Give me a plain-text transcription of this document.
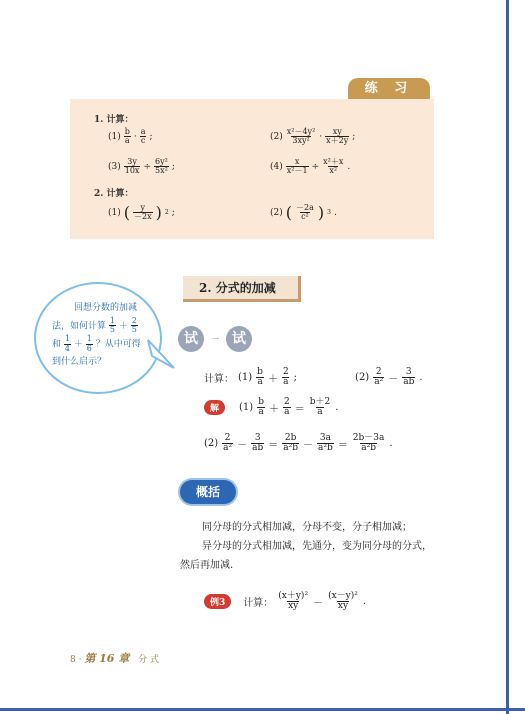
练 习
1. 计算：
$(1) \frac{b}{a} \cdot \frac{a}{c}$ ;	$(2) \frac{\text{x²－4y²}}{\text{3xy²}} \cdot \frac{xy}{x+2y}$ ;
$(3) \frac{3y}{10x} \div \frac{\text{6y²}}{\text{5x²}}$ ;	$(4) \frac{x}{\text{x²－1}} \div \frac{\text{x²＋x}}{\text{x²}}$ .
2. 计算：
(1) ( $\frac{y}{-2x}$ ) 2 ;	(2) ( $\frac{-2a}{\text{c²}}$ ) 3 .
回想分数的加减
法，如何计算 $\frac{1}{5} + \frac{2}{5}$
和 $\frac{1}{4} + \frac{1}{6}$ ？从中可得
到什么启示？
2. 分式的加减
试	一 试
计算： $(1) \frac{b}{a} + \frac{2}{a}$ ;	$(2) \frac{2}{\text{a²}} - \frac{3}{ab}$ .
解	$(1) \frac{b}{a} + \frac{2}{a} = \frac{b+2}{a}$ .
$(2) \frac{2}{\text{a²}} - \frac{3}{ab} = \frac{2b}{\text{a²b}} - \frac{3a}{\text{a²b}} = \frac{2b-3a}{\text{a²b}}$ .
概括
同分母的分式相加减，分母不变，分子相加减；
异分母的分式相加减，先通分，变为同分母的分式，
然后再加减.
例3	计算： $\frac{\text{(x＋y)²}}{xy} - \frac{\text{(x－y)²}}{xy}$ .
8 · 第 16 章 分 式
